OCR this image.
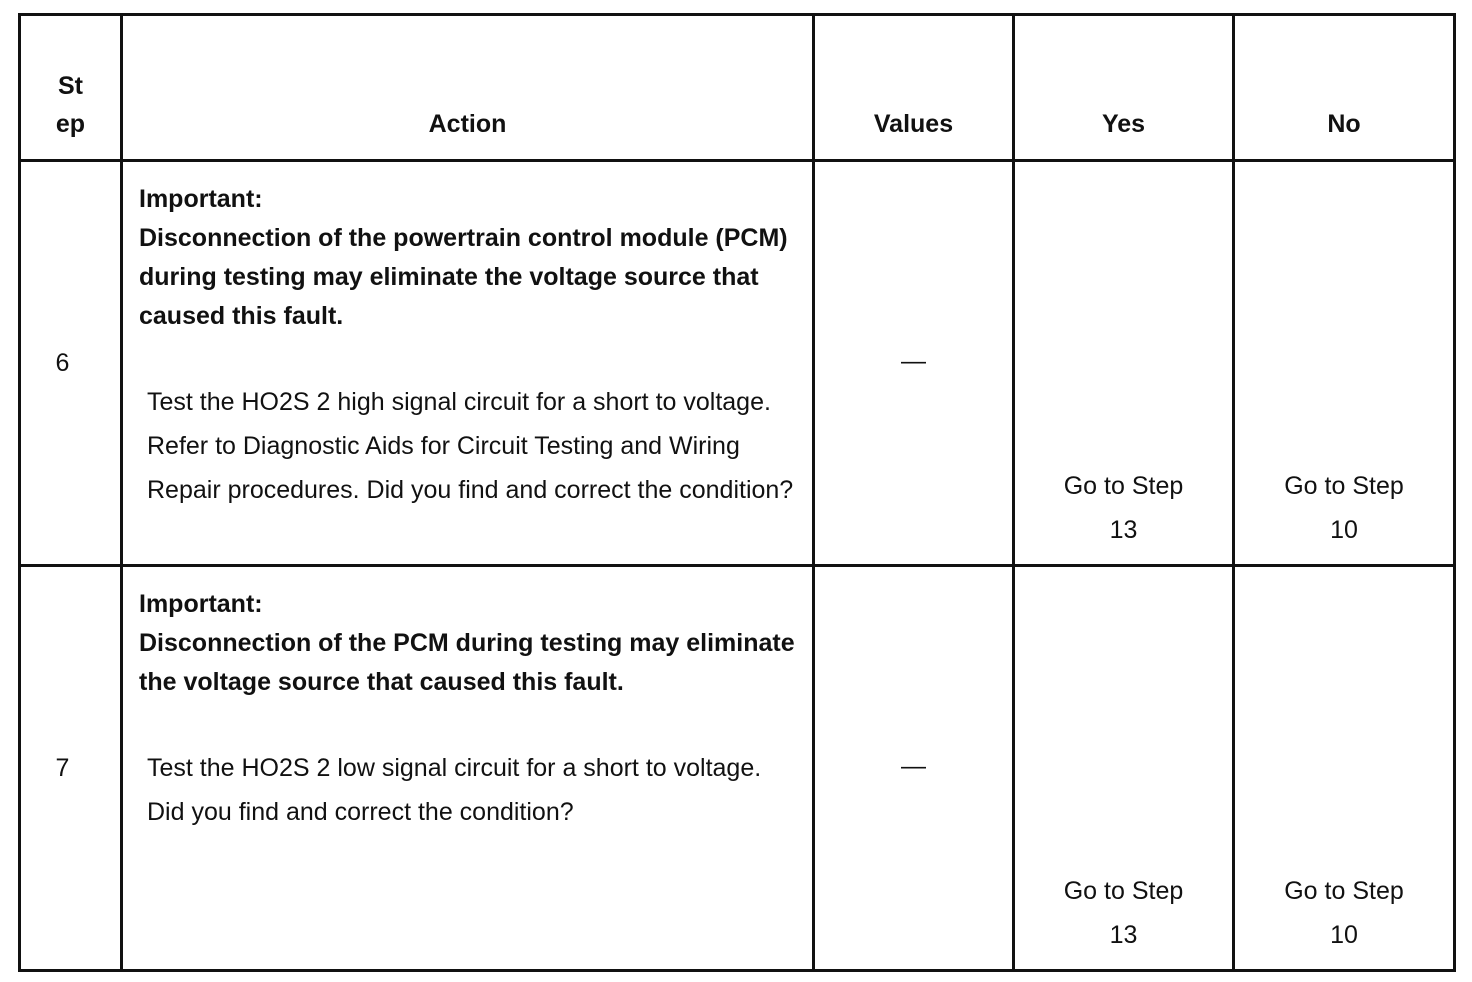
St
ep	Action	Values	Yes	No
6	Important:
Disconnection of the powertrain control module (PCM) during testing may eliminate the voltage source that caused this fault.

Test the HO2S 2 high signal circuit for a short to voltage. Refer to Diagnostic Aids for Circuit Testing and Wiring Repair procedures. Did you find and correct the condition?	—	Go to Step 13	Go to Step 10
7	Important:
Disconnection of the PCM during testing may eliminate the voltage source that caused this fault.

Test the HO2S 2 low signal circuit for a short to voltage. Did you find and correct the condition?	—	Go to Step 13	Go to Step 10
